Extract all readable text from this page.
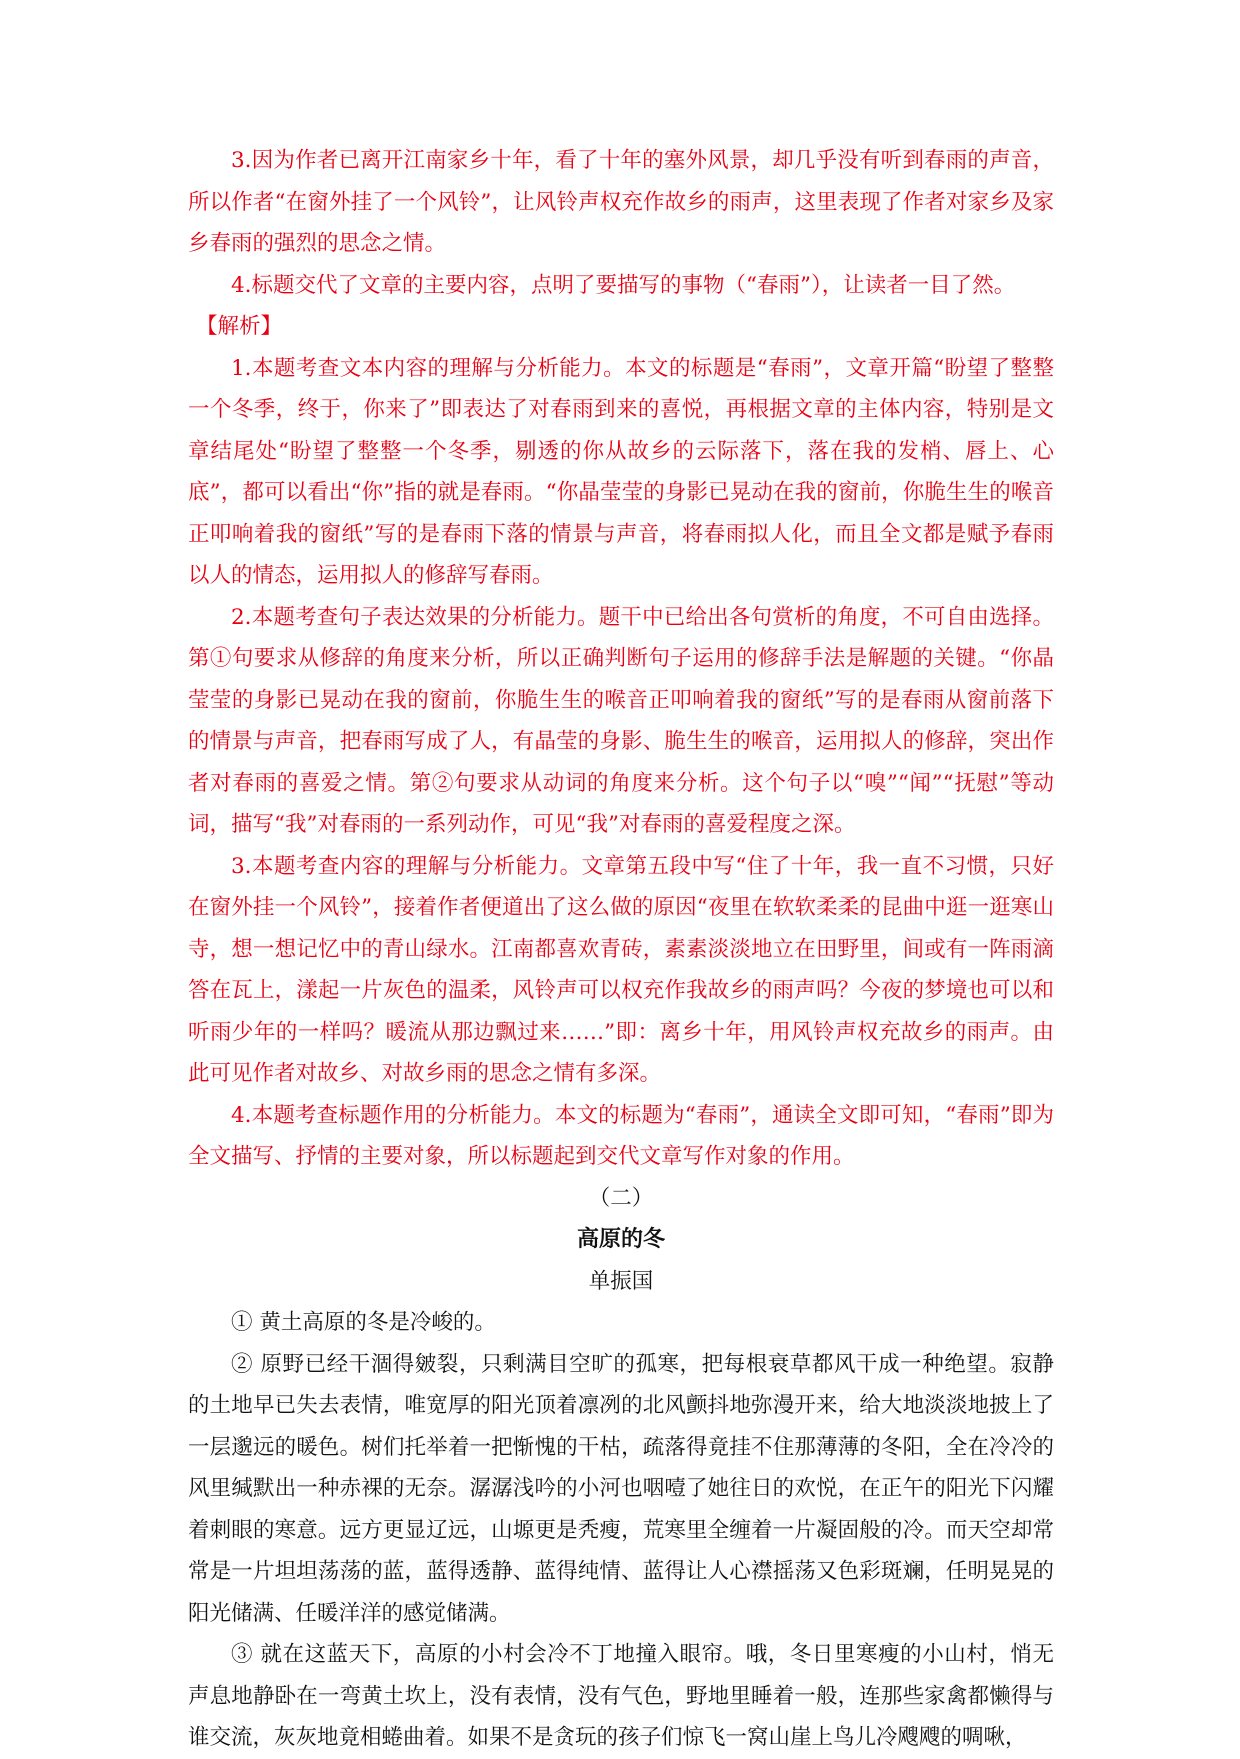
3.因为作者已离开江南家乡十年，看了十年的塞外风景，却几乎没有听到春雨的声音，所以作者“在窗外挂了一个风铃”，让风铃声权充作故乡的雨声，这里表现了作者对家乡及家乡春雨的强烈的思念之情。

4.标题交代了文章的主要内容，点明了要描写的事物（“春雨”），让读者一目了然。

【解析】

1.本题考查文本内容的理解与分析能力。本文的标题是“春雨”，文章开篇“盼望了整整一个冬季，终于，你来了”即表达了对春雨到来的喜悦，再根据文章的主体内容，特别是文章结尾处“盼望了整整一个冬季，剔透的你从故乡的云际落下，落在我的发梢、唇上、心底”，都可以看出“你”指的就是春雨。“你晶莹莹的身影已晃动在我的窗前，你脆生生的喉音正叩响着我的窗纸”写的是春雨下落的情景与声音，将春雨拟人化，而且全文都是赋予春雨以人的情态，运用拟人的修辞写春雨。

2.本题考查句子表达效果的分析能力。题干中已给出各句赏析的角度，不可自由选择。第①句要求从修辞的角度来分析，所以正确判断句子运用的修辞手法是解题的关键。“你晶莹莹的身影已晃动在我的窗前，你脆生生的喉音正叩响着我的窗纸”写的是春雨从窗前落下的情景与声音，把春雨写成了人，有晶莹的身影、脆生生的喉音，运用拟人的修辞，突出作者对春雨的喜爱之情。第②句要求从动词的角度来分析。这个句子以“嗅”“闻”“抚慰”等动词，描写“我”对春雨的一系列动作，可见“我”对春雨的喜爱程度之深。

3.本题考查内容的理解与分析能力。文章第五段中写“住了十年，我一直不习惯，只好在窗外挂一个风铃”，接着作者便道出了这么做的原因“夜里在软软柔柔的昆曲中逛一逛寒山寺，想一想记忆中的青山绿水。江南都喜欢青砖，素素淡淡地立在田野里，间或有一阵雨滴答在瓦上，漾起一片灰色的温柔，风铃声可以权充作我故乡的雨声吗？今夜的梦境也可以和听雨少年的一样吗？暖流从那边飘过来……”即：离乡十年，用风铃声权充故乡的雨声。由此可见作者对故乡、对故乡雨的思念之情有多深。

4.本题考查标题作用的分析能力。本文的标题为“春雨”，通读全文即可知，“春雨”即为全文描写、抒情的主要对象，所以标题起到交代文章写作对象的作用。

（二）

高原的冬

单振国

① 黄土高原的冬是冷峻的。

② 原野已经干涸得皴裂，只剩满目空旷的孤寒，把每根衰草都风干成一种绝望。寂静的土地早已失去表情，唯宽厚的阳光顶着凛冽的北风颤抖地弥漫开来，给大地淡淡地披上了一层邈远的暖色。树们托举着一把惭愧的干枯，疏落得竟挂不住那薄薄的冬阳，全在冷冷的风里缄默出一种赤裸的无奈。潺潺浅吟的小河也咽噎了她往日的欢悦，在正午的阳光下闪耀着刺眼的寒意。远方更显辽远，山塬更是秃瘦，荒寒里全缠着一片凝固般的冷。而天空却常常是一片坦坦荡荡的蓝，蓝得透静、蓝得纯情、蓝得让人心襟摇荡又色彩斑斓，任明晃晃的阳光储满、任暖洋洋的感觉储满。

③ 就在这蓝天下，高原的小村会冷不丁地撞入眼帘。哦，冬日里寒瘦的小山村，悄无声息地静卧在一弯黄土坎上，没有表情，没有气色，野地里睡着一般，连那些家禽都懒得与谁交流，灰灰地竟相蜷曲着。如果不是贪玩的孩子们惊飞一窝山崖上鸟儿冷飕飕的啁啾，
